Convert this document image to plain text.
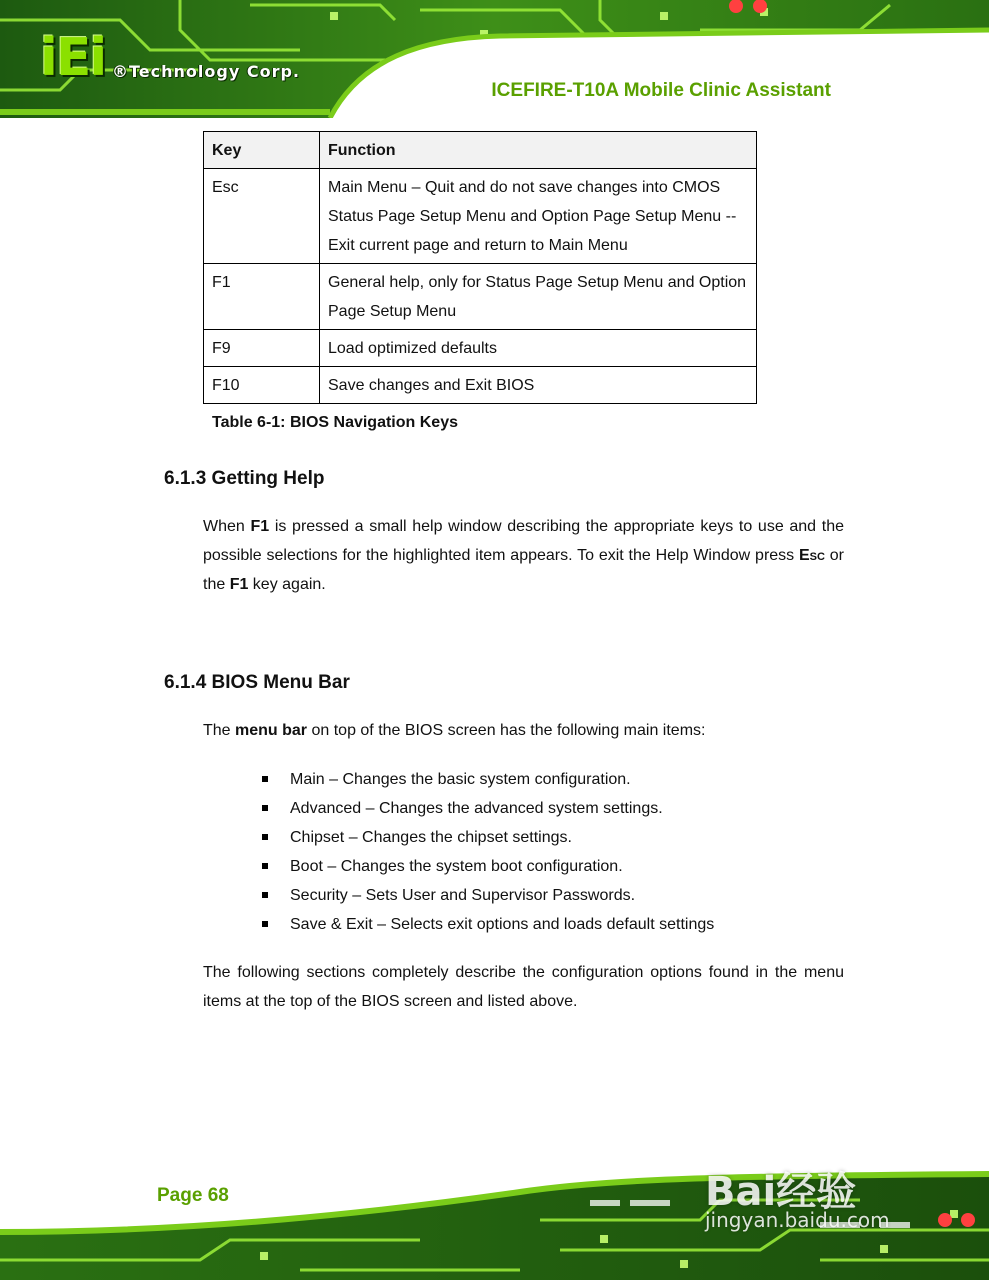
iEi ®Technology Corp.
ICEFIRE-T10A Mobile Clinic Assistant
Key	Function
Esc	Main Menu – Quit and do not save changes into CMOS
Status Page Setup Menu and Option Page Setup Menu --
Exit current page and return to Main Menu

F1	General help, only for Status Page Setup Menu and Option
Page Setup Menu

F9	Load optimized defaults

F10	Save changes and Exit BIOS
Table 6-1: BIOS Navigation Keys
6.1.3 Getting Help

When F1 is pressed a small help window describing the appropriate keys to use and the possible selections for the highlighted item appears. To exit the Help Window press Esc or the F1 key again.

6.1.4 BIOS Menu Bar

The menu bar on top of the BIOS screen has the following main items:

Main – Changes the basic system configuration.
Advanced – Changes the advanced system settings.
Chipset – Changes the chipset settings.
Boot – Changes the system boot configuration.
Security – Sets User and Supervisor Passwords.
Save & Exit – Selects exit options and loads default settings

The following sections completely describe the configuration options found in the menu items at the top of the BIOS screen and listed above.

Page 68	Bai经验
jingyan.baidu.com
